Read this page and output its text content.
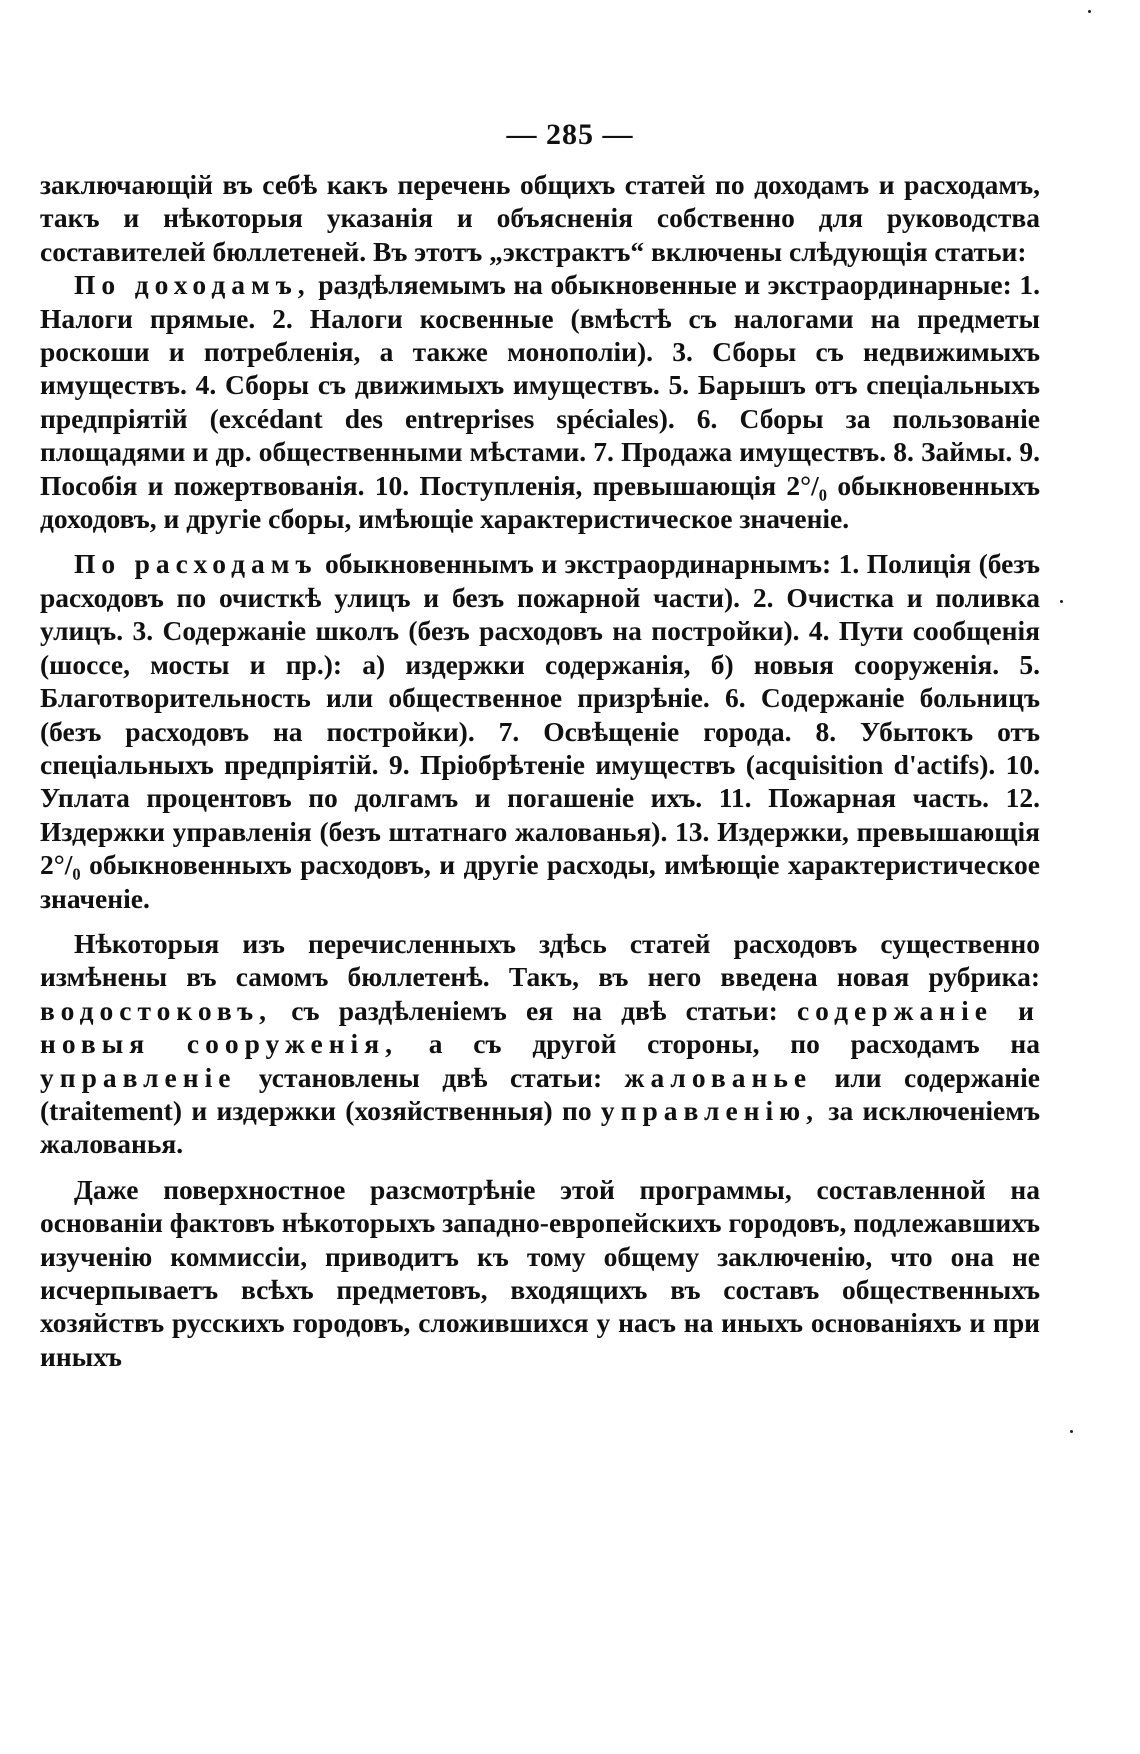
— 285 —

заключающій въ себѣ какъ перечень общихъ статей по доходамъ и расходамъ, такъ и нѣкоторыя указанія и объясненія собственно для руководства составителей бюллетеней. Въ этотъ „экстрактъ“ включены слѣдующія статьи:

По доходамъ, раздѣляемымъ на обыкновенные и экстраординарные: 1. Налоги прямые. 2. Налоги косвенные (вмѣстѣ съ налогами на предметы роскоши и потребленія, а также монополіи). 3. Сборы съ недвижимыхъ имуществъ. 4. Сборы съ движимыхъ имуществъ. 5. Барышъ отъ спеціальныхъ предпріятій (excédant des entreprises spéciales). 6. Сборы за пользованіе площадями и др. общественными мѣстами. 7. Продажа имуществъ. 8. Займы. 9. Пособія и пожертвованія. 10. Поступленія, превышающія 2°/₀ обыкновенныхъ доходовъ, и другіе сборы, имѣющіе характеристическое значеніе.

По расходамъ обыкновеннымъ и экстраординарнымъ: 1. Полиція (безъ расходовъ по очисткѣ улицъ и безъ пожарной части). 2. Очистка и поливка улицъ. 3. Содержаніе школъ (безъ расходовъ на постройки). 4. Пути сообщенія (шоссе, мосты и пр.): а) издержки содержанія, б) новыя сооруженія. 5. Благотворительность или общественное призрѣніе. 6. Содержаніе больницъ (безъ расходовъ на постройки). 7. Освѣщеніе города. 8. Убытокъ отъ спеціальныхъ предпріятій. 9. Пріобрѣтеніе имуществъ (acquisition d'actifs). 10. Уплата процентовъ по долгамъ и погашеніе ихъ. 11. Пожарная часть. 12. Издержки управленія (безъ штатнаго жалованья). 13. Издержки, превышающія 2°/₀ обыкновенныхъ расходовъ, и другіе расходы, имѣющіе характеристическое значеніе.

Нѣкоторыя изъ перечисленныхъ здѣсь статей расходовъ существенно измѣнены въ самомъ бюллетенѣ. Такъ, въ него введена новая рубрика: водостоковъ, съ раздѣленіемъ ея на двѣ статьи: содержаніе и новыя сооруженія, а съ другой стороны, по расходамъ на управленіе установлены двѣ статьи: жалованье или содержаніе (traitement) и издержки (хозяйственныя) по управленію, за исключеніемъ жалованья.

Даже поверхностное разсмотрѣніе этой программы, составленной на основаніи фактовъ нѣкоторыхъ западно-европейскихъ городовъ, подлежавшихъ изученію коммиссіи, приводитъ къ тому общему заключенію, что она не исчерпываетъ всѣхъ предметовъ, входящихъ въ составъ общественныхъ хозяйствъ русскихъ городовъ, сложившихся у насъ на иныхъ основаніяхъ и при иныхъ
